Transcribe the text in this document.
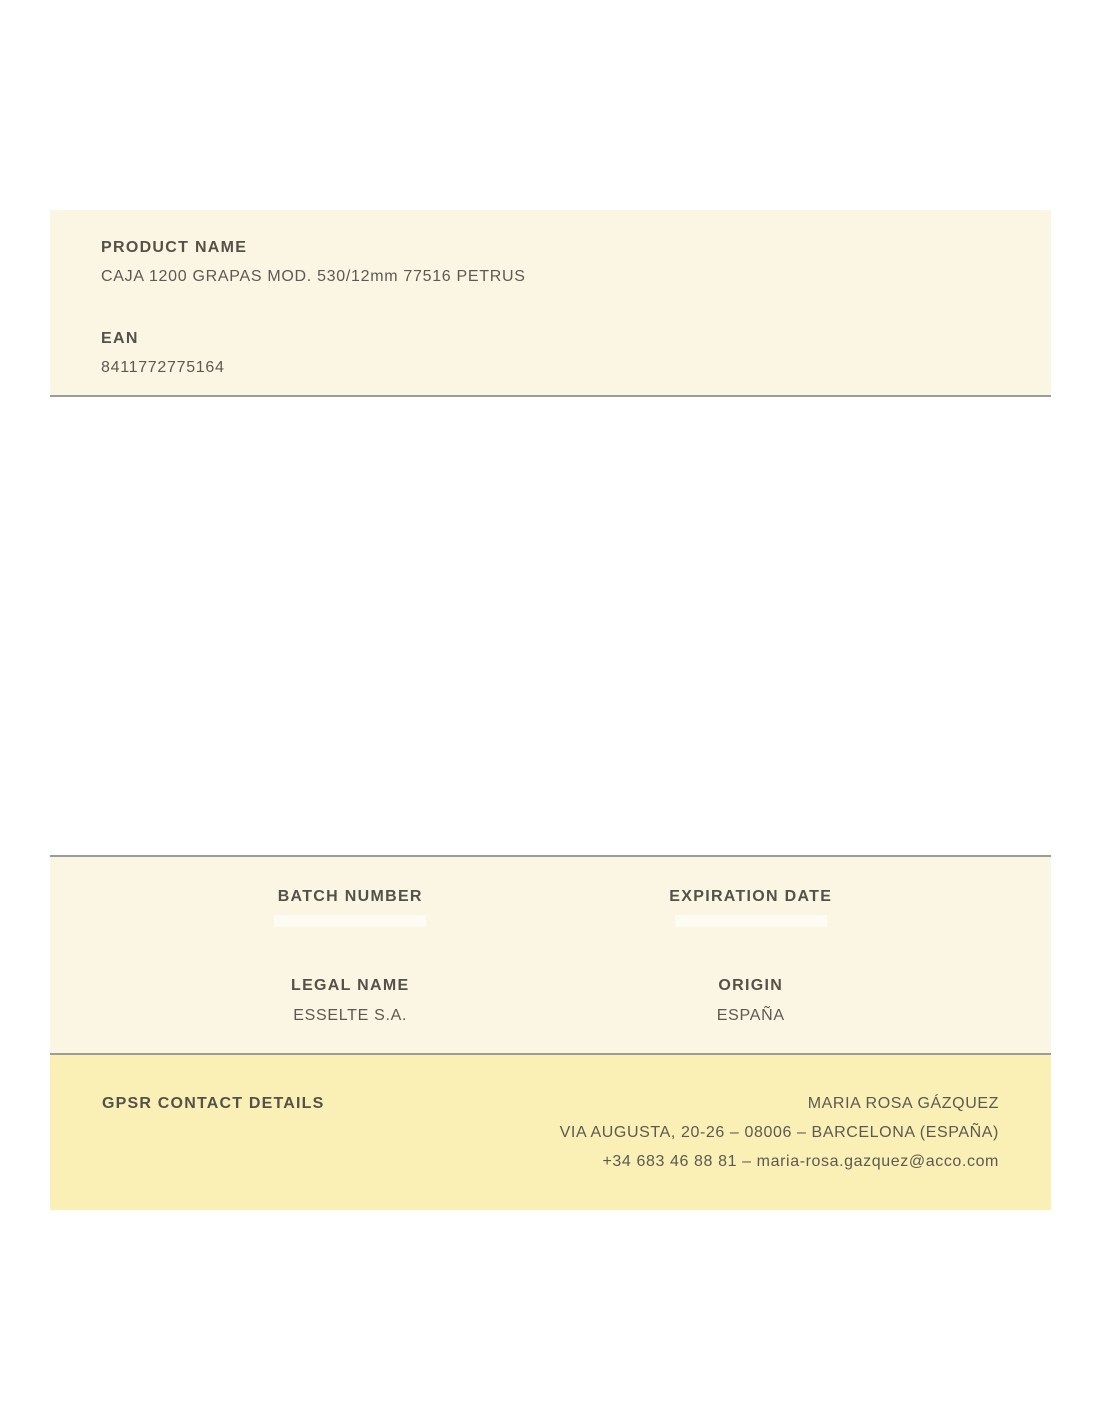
PRODUCT NAME
CAJA 1200 GRAPAS MOD. 530/12mm 77516 PETRUS
EAN
8411772775164
BATCH NUMBER	EXPIRATION DATE
LEGAL NAME
ESSELTE S.A.
ORIGIN
ESPAÑA
GPSR CONTACT DETAILS	MARIA ROSA GÁZQUEZ
VIA AUGUSTA, 20-26 – 08006 – BARCELONA (ESPAÑA)
+34 683 46 88 81 – maria-rosa.gazquez@acco.com
